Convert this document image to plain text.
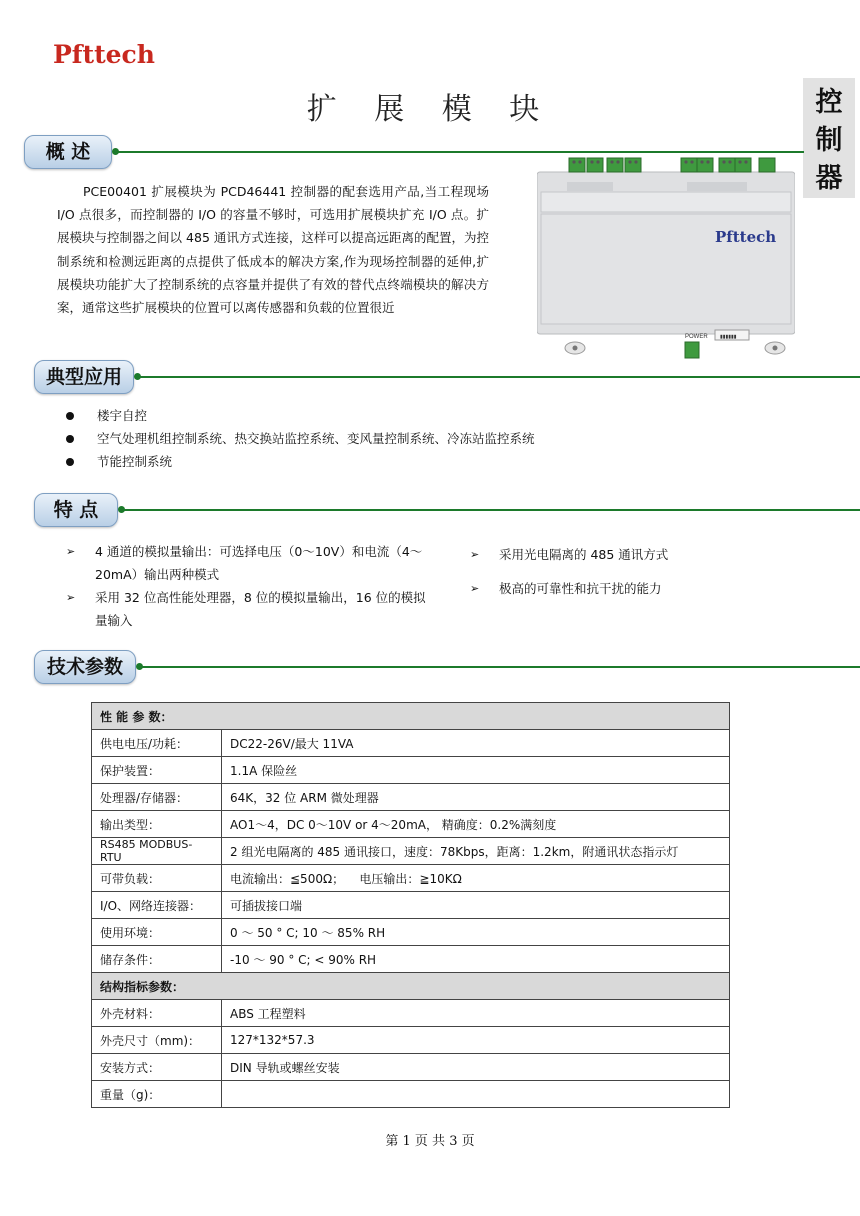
Pfttech
扩 展 模 块	控
制
器
概 述

PCE00401 扩展模块为 PCD46441 控制器的配套选用产品,当工程现场 I/O 点很多，而控制器的 I/O 的容量不够时，可选用扩展模块扩充 I/O 点。扩展模块与控制器之间以 485 通讯方式连接，这样可以提高远距离的配置，为控制系统和检测远距离的点提供了低成本的解决方案,作为现场控制器的延伸,扩展模块功能扩大了控制系统的点容量并提供了有效的替代点终端模块的解决方案，通常这些扩展模块的位置可以离传感器和负载的位置很近

▮▮▮▮▮▮
POWER
Pfttech
典型应用
楼宇自控
空气处理机组控制系统、热交换站监控系统、变风量控制系统、冷冻站监控系统
节能控制系统
特 点
➢ 4 通道的模拟量输出：可选择电压（0～10V）和电流（4～20mA）输出两种模式
➢ 采用 32 位高性能处理器，8 位的模拟量输出，16 位的模拟量输入
➢ 采用光电隔离的 485 通讯方式
➢ 极高的可靠性和抗干扰的能力
技术参数
性 能 参 数：	
供电电压/功耗：	DC22-26V/最大 11VA
保护装置：	1.1A 保险丝
处理器/存储器：	64K，32 位 ARM 微处理器
输出类型：	AO1～4，DC 0～10V or 4～20mA， 精确度：0.2%满刻度
RS485 MODBUS-RTU	2 组光电隔离的 485 通讯接口，速度：78Kbps，距离：1.2km，附通讯状态指示灯
可带负载：	电流输出：≦500Ω；    电压输出：≧10KΩ
I/O、网络连接器：	可插拔接口端
使用环境：	0 ～ 50 ° C; 10 ～ 85% RH
储存条件：	-10 ～ 90 ° C; < 90% RH
结构指标参数：	
外壳材料：	ABS 工程塑料
外壳尺寸（mm)：	127*132*57.3
安装方式：	DIN 导轨或螺丝安装
重量（g)：	
第 1 页 共 3 页
